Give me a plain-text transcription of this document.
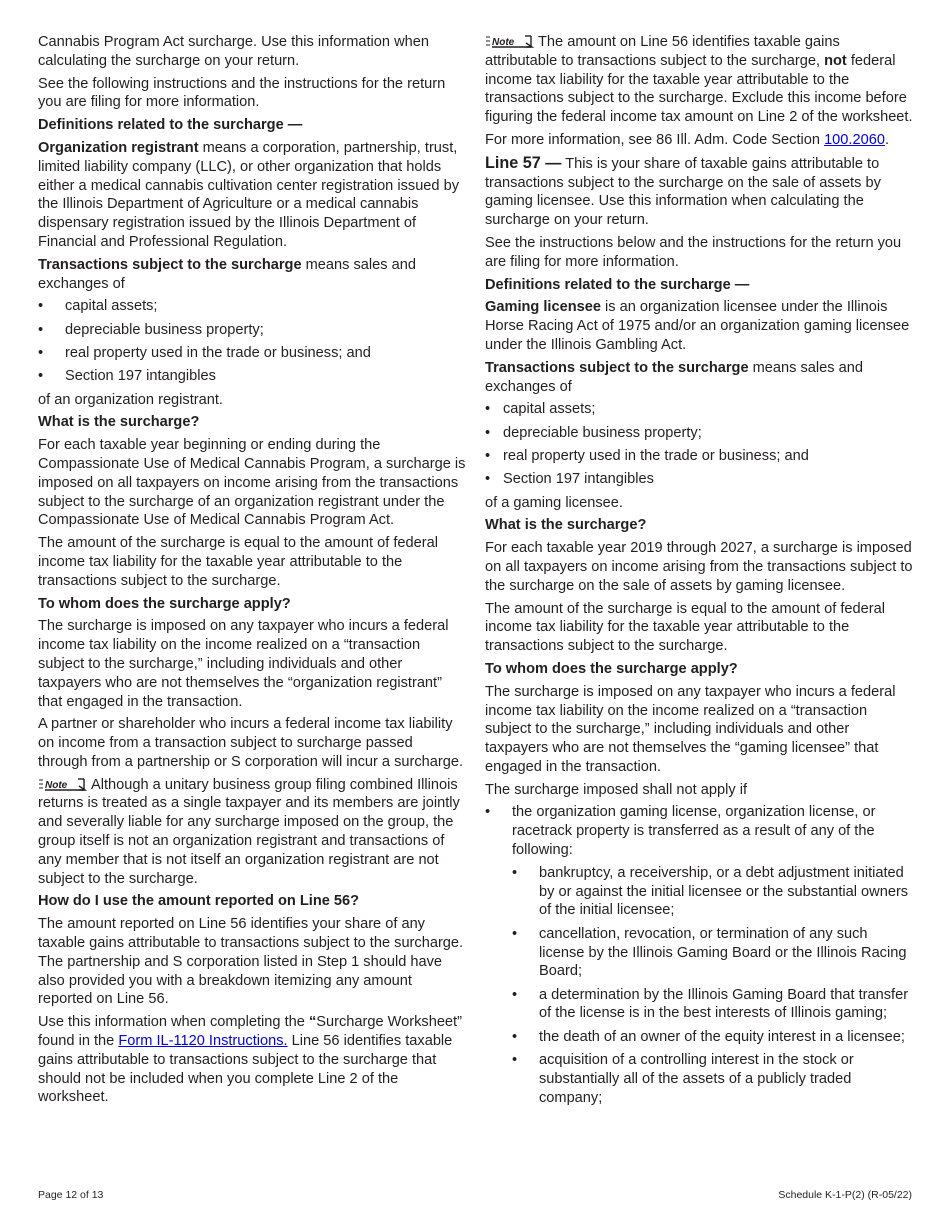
Cannabis Program Act surcharge. Use this information when calculating the surcharge on your return.

See the following instructions and the instructions for the return you are filing for more information.

Definitions related to the surcharge —

Organization registrant means a corporation, partnership, trust, limited liability company (LLC), or other organization that holds either a medical cannabis cultivation center registration issued by the Illinois Department of Agriculture or a medical cannabis dispensary registration issued by the Illinois Department of Financial and Professional Regulation.

Transactions subject to the surcharge means sales and exchanges of

• capital assets;
• depreciable business property;
• real property used in the trade or business; and
• Section 197 intangibles

of an organization registrant.

What is the surcharge?

For each taxable year beginning or ending during the Compassionate Use of Medical Cannabis Program, a surcharge is imposed on all taxpayers on income arising from the transactions subject to the surcharge of an organization registrant under the Compassionate Use of Medical Cannabis Program Act.

The amount of the surcharge is equal to the amount of federal income tax liability for the taxable year attributable to the transactions subject to the surcharge.

To whom does the surcharge apply?

The surcharge is imposed on any taxpayer who incurs a federal income tax liability on the income realized on a “transaction subject to the surcharge,” including individuals and other taxpayers who are not themselves the “organization registrant” that engaged in the transaction.

A partner or shareholder who incurs a federal income tax liability on income from a transaction subject to surcharge passed through from a partnership or S corporation will incur a surcharge.

Note Although a unitary business group filing combined Illinois returns is treated as a single taxpayer and its members are jointly and severally liable for any surcharge imposed on the group, the group itself is not an organization registrant and transactions of any member that is not itself an organization registrant are not subject to the surcharge.

How do I use the amount reported on Line 56?

The amount reported on Line 56 identifies your share of any taxable gains attributable to transactions subject to the surcharge. The partnership and S corporation listed in Step 1 should have also provided you with a breakdown itemizing any amount reported on Line 56.

Use this information when completing the “Surcharge Worksheet” found in the Form IL-1120 Instructions. Line 56 identifies taxable gains attributable to transactions subject to the surcharge that should not be included when you complete Line 2 of the worksheet.

Note The amount on Line 56 identifies taxable gains attributable to transactions subject to the surcharge, not federal income tax liability for the taxable year attributable to the transactions subject to the surcharge. Exclude this income before figuring the federal income tax amount on Line 2 of the worksheet.

For more information, see 86 Ill. Adm. Code Section 100.2060.

Line 57 — This is your share of taxable gains attributable to transactions subject to the surcharge on the sale of assets by gaming licensee. Use this information when calculating the surcharge on your return.

See the instructions below and the instructions for the return you are filing for more information.

Definitions related to the surcharge —

Gaming licensee is an organization licensee under the Illinois Horse Racing Act of 1975 and/or an organization gaming licensee under the Illinois Gambling Act.

Transactions subject to the surcharge means sales and exchanges of

• capital assets;
• depreciable business property;
• real property used in the trade or business; and
• Section 197 intangibles

of a gaming licensee.

What is the surcharge?

For each taxable year 2019 through 2027, a surcharge is imposed on all taxpayers on income arising from the transactions subject to the surcharge on the sale of assets by gaming licensee.

The amount of the surcharge is equal to the amount of federal income tax liability for the taxable year attributable to the transactions subject to the surcharge.

To whom does the surcharge apply?

The surcharge is imposed on any taxpayer who incurs a federal income tax liability on the income realized on a “transaction subject to the surcharge,” including individuals and other taxpayers who are not themselves the “gaming licensee” that engaged in the transaction.

The surcharge imposed shall not apply if

• the organization gaming license, organization license, or racetrack property is transferred as a result of any of the following:
• bankruptcy, a receivership, or a debt adjustment initiated by or against the initial licensee or the substantial owners of the initial licensee;
• cancellation, revocation, or termination of any such license by the Illinois Gaming Board or the Illinois Racing Board;
• a determination by the Illinois Gaming Board that transfer of the license is in the best interests of Illinois gaming;
• the death of an owner of the equity interest in a licensee;
• acquisition of a controlling interest in the stock or substantially all of the assets of a publicly traded company;
Page 12 of 13	Schedule K-1-P(2) (R-05/22)
